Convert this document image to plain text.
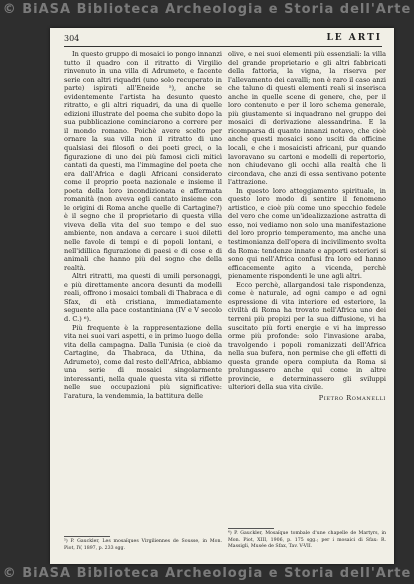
© BiASA Biblioteca Archeologia e Storia dell'Arte
304	LE ARTI

In questo gruppo di mosaici io pongo innanzi tutto il quadro con il ritratto di Virgilio rinvenuto in una villa di Adrumeto, e facente serie con altri riquadri (uno solo recuperato in parte) ispirati all'Eneide ⁵), anche se evidentemente l'artista ha desunto questo ritratto, e gli altri riquadri, da una di quelle edizioni illustrate del poema che subito dopo la sua pubblicazione cominciarono a correre per il mondo romano. Poichè avere scelto per ornare la sua villa non il ritratto di uno qualsiasi dei filosofi o dei poeti greci, o la figurazione di uno dei più famosi cicli miticì cantati da questi, ma l'immagine del poeta che era dall'Africa e dagli Africani considerato come il proprio poeta nazionale e insieme il poeta della loro incondizionata e affermata romanità (non aveva egli cantato insieme con le origini di Roma anche quelle di Cartagine?) è il segno che il proprietario di questa villa viveva della vita del suo tempo e del suo ambiente, non andava a cercare i suoi diletti nelle favole di tempi e di popoli lontani, e nell'idillica figurazione di paesi e di cose e di animali che hanno più del sogno che della realtà.

Altri ritratti, ma questi di umili personaggi, e più direttamente ancora desunti da modelli reali, offrono i mosaici tombali di Thabraca e di Sfax, di età cristiana, immediatamente seguente alla pace costantiniana (IV e V secolo d. C.) ⁶).

Più frequente è la rappresentazione della vita nei suoi vari aspetti, e in primo luogo della vita della campagna. Dalla Tunisia (e cioè da Cartagine, da Thabraca, da Uthina, da Adrumeto), come dal resto dell'Africa, abbiamo una serie di mosaici singolarmente interessanti, nella quale questa vita si riflette nelle sue occupazioni più significative: l'aratura, la vendemmia, la battitura delle

olive, e nei suoi elementi più essenziali: la villa del grande proprietario e gli altri fabbricati della fattoria, la vigna, la riserva per l'allevamento dei cavalli; non è raro il caso anzi che taluno di questi elementi reali si inserisca anche in quelle scene di genere, che, per il loro contenuto e per il loro schema generale, più giustamente si inquadrano nel gruppo dei mosaici di derivazione alessandrina. E la ricomparsa di quanto innanzi notavo, che cioè anche questi mosaici sono usciti da officine locali, e che i mosaicisti africani, pur quando lavoravano su cartoni e modelli di repertorio, non chiudevano gli occhi alla realtà che li circondava, che anzi di essa sentivano potente l'attrazione.

In questo loro atteggiamento spirituale, in questo loro modo di sentire il fenomeno artistico, e cioè più come uno specchio fedele del vero che come un'idealizzazione astratta di esso, noi vediamo non solo una manifestazione del loro proprio temperamento, ma anche una testimonianza dell'opera di incivilimento svolta da Roma: tendenze innate e apporti esteriori si sono qui nell'Africa confusi fra loro ed hanno efficacemente agito a vicenda, perchè pienamente rispondenti le une agli altri.

Ecco perchè, allargandosi tale rispondenza, come è naturale, ad ogni campo e ad ogni espressione di vita interiore ed esteriore, la civiltà di Roma ha trovato nell'Africa uno dei terreni più propizi per la sua diffusione, vi ha suscitato più forti energie e vi ha impresso orme più profonde: solo l'invasione araba, travolgendo i popoli romanizzati dell'Africa nella sua bufera, non permise che gli effetti di questa grande opera compiuta da Roma si prolungassero anche qui come in altre provincie, e determinassero gli sviluppi ulteriori della sua vita civile.

Pietro Romanelli
⁵) P. Gauckler, Les mosaïques Virgiliennes de Sousse, in Mon. Piot, IV, 1897, p. 233 sgg.
⁶) P. Gauckler, Mosaïque tombale d'une chapelle de Martyrs, in Mon. Piot, XIII, 1906, p. 175 sgg.; per i mosaici di Sfax: R. Massigli, Musée de Sfax, Tav. V-VII.
© BiASA Biblioteca Archeologia e Storia dell'Arte
